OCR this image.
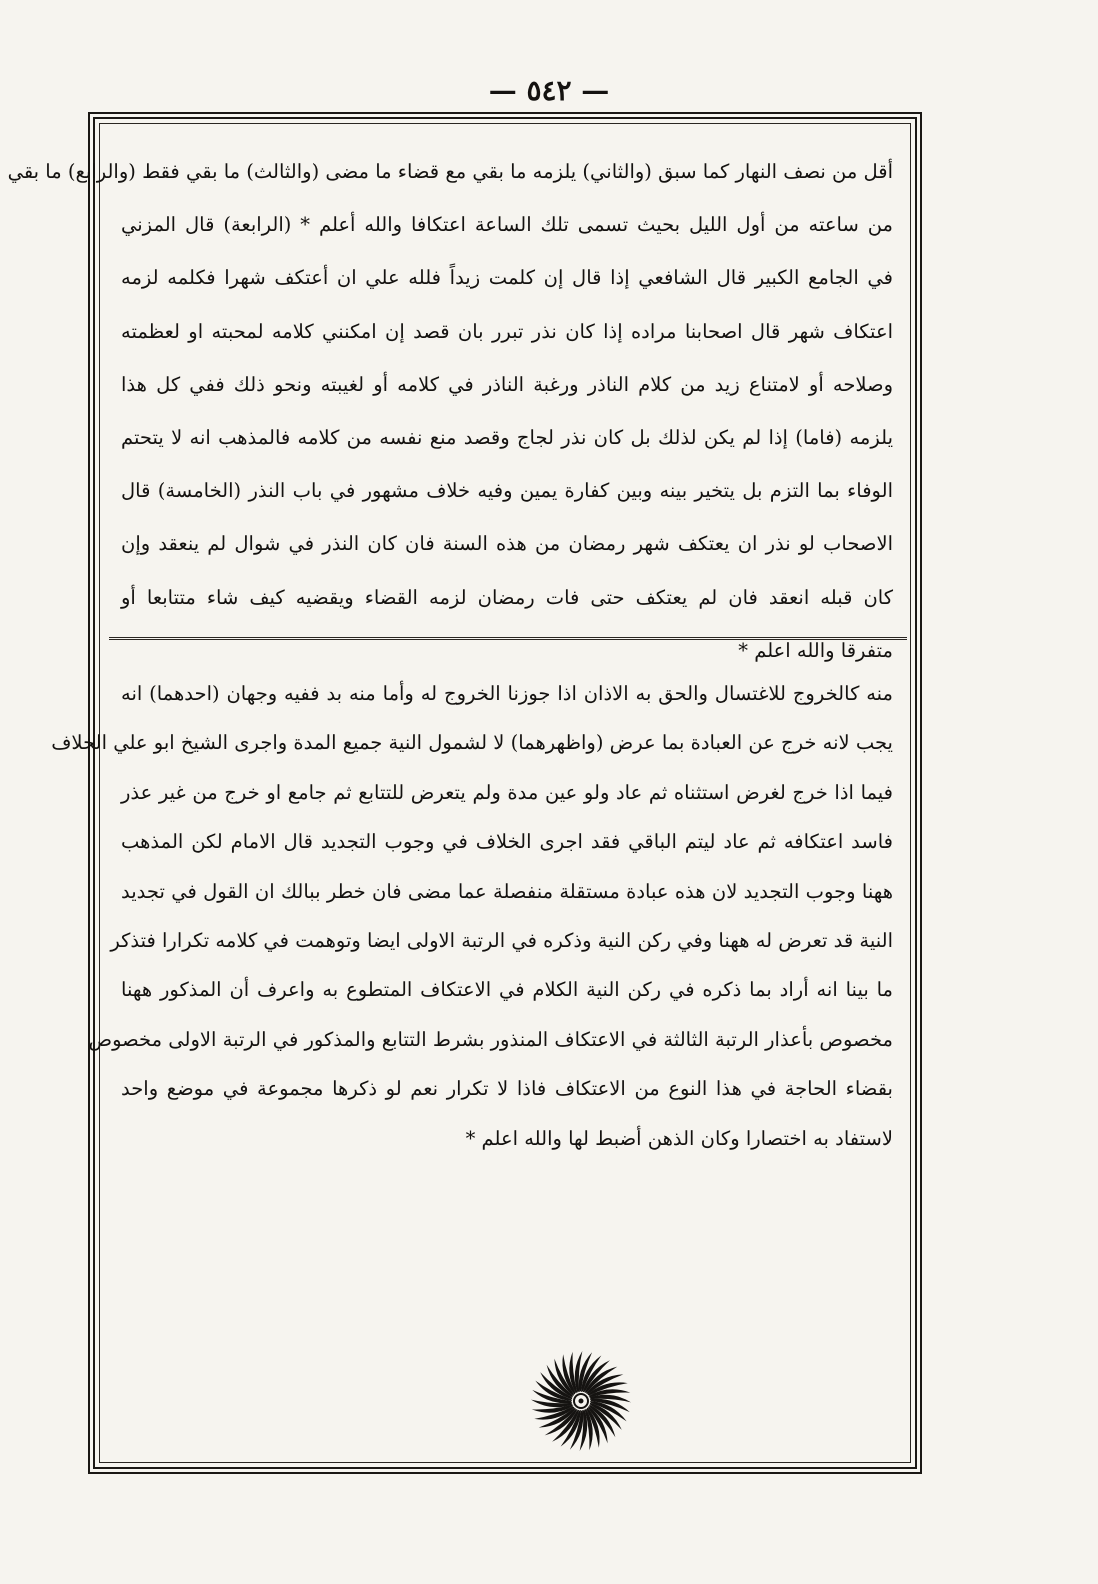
— ٥٤٢ —
أقل من نصف النهار كما سبق (والثاني) يلزمه ما بقي مع قضاء ما مضى (والثالث) ما بقي فقط (والرابع) ما بقي
من ساعته من أول الليل بحيث تسمى تلك الساعة اعتكافا والله أعلم * (الرابعة) قال المزني
في الجامع الكبير قال الشافعي إذا قال إن كلمت زيداً فلله علي ان أعتكف شهرا فكلمه لزمه
اعتكاف شهر قال اصحابنا مراده إذا كان نذر تبرر بان قصد إن امكنني كلامه لمحبته او لعظمته
وصلاحه أو لامتناع زيد من كلام الناذر ورغبة الناذر في كلامه أو لغيبته ونحو ذلك ففي كل هذا
يلزمه (فاما) إذا لم يكن لذلك بل كان نذر لجاج وقصد منع نفسه من كلامه فالمذهب انه لا يتحتم
الوفاء بما التزم بل يتخير بينه وبين كفارة يمين وفيه خلاف مشهور في باب النذر (الخامسة) قال
الاصحاب لو نذر ان يعتكف شهر رمضان من هذه السنة فان كان النذر في شوال لم ينعقد وإن
كان قبله انعقد فان لم يعتكف حتى فات رمضان لزمه القضاء ويقضيه كيف شاء متتابعا أو
متفرقا والله اعلم *
منه كالخروج للاغتسال والحق به الاذان اذا جوزنا الخروج له وأما منه بد ففيه وجهان (احدهما) انه
يجب لانه خرج عن العبادة بما عرض (واظهرهما) لا لشمول النية جميع المدة واجرى الشيخ ابو علي الخلاف
فيما اذا خرج لغرض استثناه ثم عاد ولو عين مدة ولم يتعرض للتتابع ثم جامع او خرج من غير عذر
فاسد اعتكافه ثم عاد ليتم الباقي فقد اجرى الخلاف في وجوب التجديد قال الامام لكن المذهب
ههنا وجوب التجديد لان هذه عبادة مستقلة منفصلة عما مضى فان خطر ببالك ان القول في تجديد
النية قد تعرض له ههنا وفي ركن النية وذكره في الرتبة الاولى ايضا وتوهمت في كلامه تكرارا فتذكر
ما بينا انه أراد بما ذكره في ركن النية الكلام في الاعتكاف المتطوع به واعرف أن المذكور ههنا
مخصوص بأعذار الرتبة الثالثة في الاعتكاف المنذور بشرط التتابع والمذكور في الرتبة الاولى مخصوص
بقضاء الحاجة في هذا النوع من الاعتكاف فاذا لا تكرار نعم لو ذكرها مجموعة في موضع واحد
لاستفاد به اختصارا وكان الذهن أضبط لها والله اعلم *
